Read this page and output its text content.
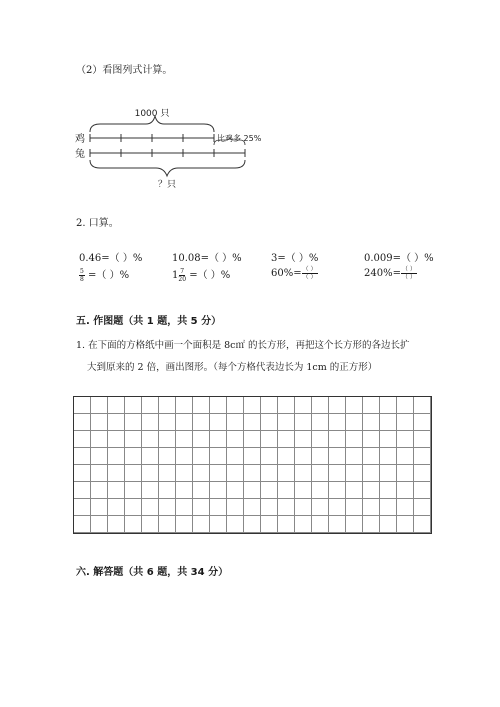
（2）看图列式计算。
1000 只
鸡	比鸡多 25%
兔
？只
2. 口算。
0.46=（ ）%	10.08=（ ）%	3=（ ）%	0.009=（ ）%
$\frac{5}{8}$ =（ ）%	$1 \frac{7}{20}$ =（ ）%	$60\%= \frac{( )}{( )}$	$240\%= \frac{( )}{( )}$
五. 作图题（共 1 题，共 5 分）
1. 在下面的方格纸中画一个面积是 8c㎡ 的长方形，再把这个长方形的各边长扩
大到原来的 2 倍，画出图形。（每个方格代表边长为 1cm 的正方形）
六. 解答题（共 6 题，共 34 分）
